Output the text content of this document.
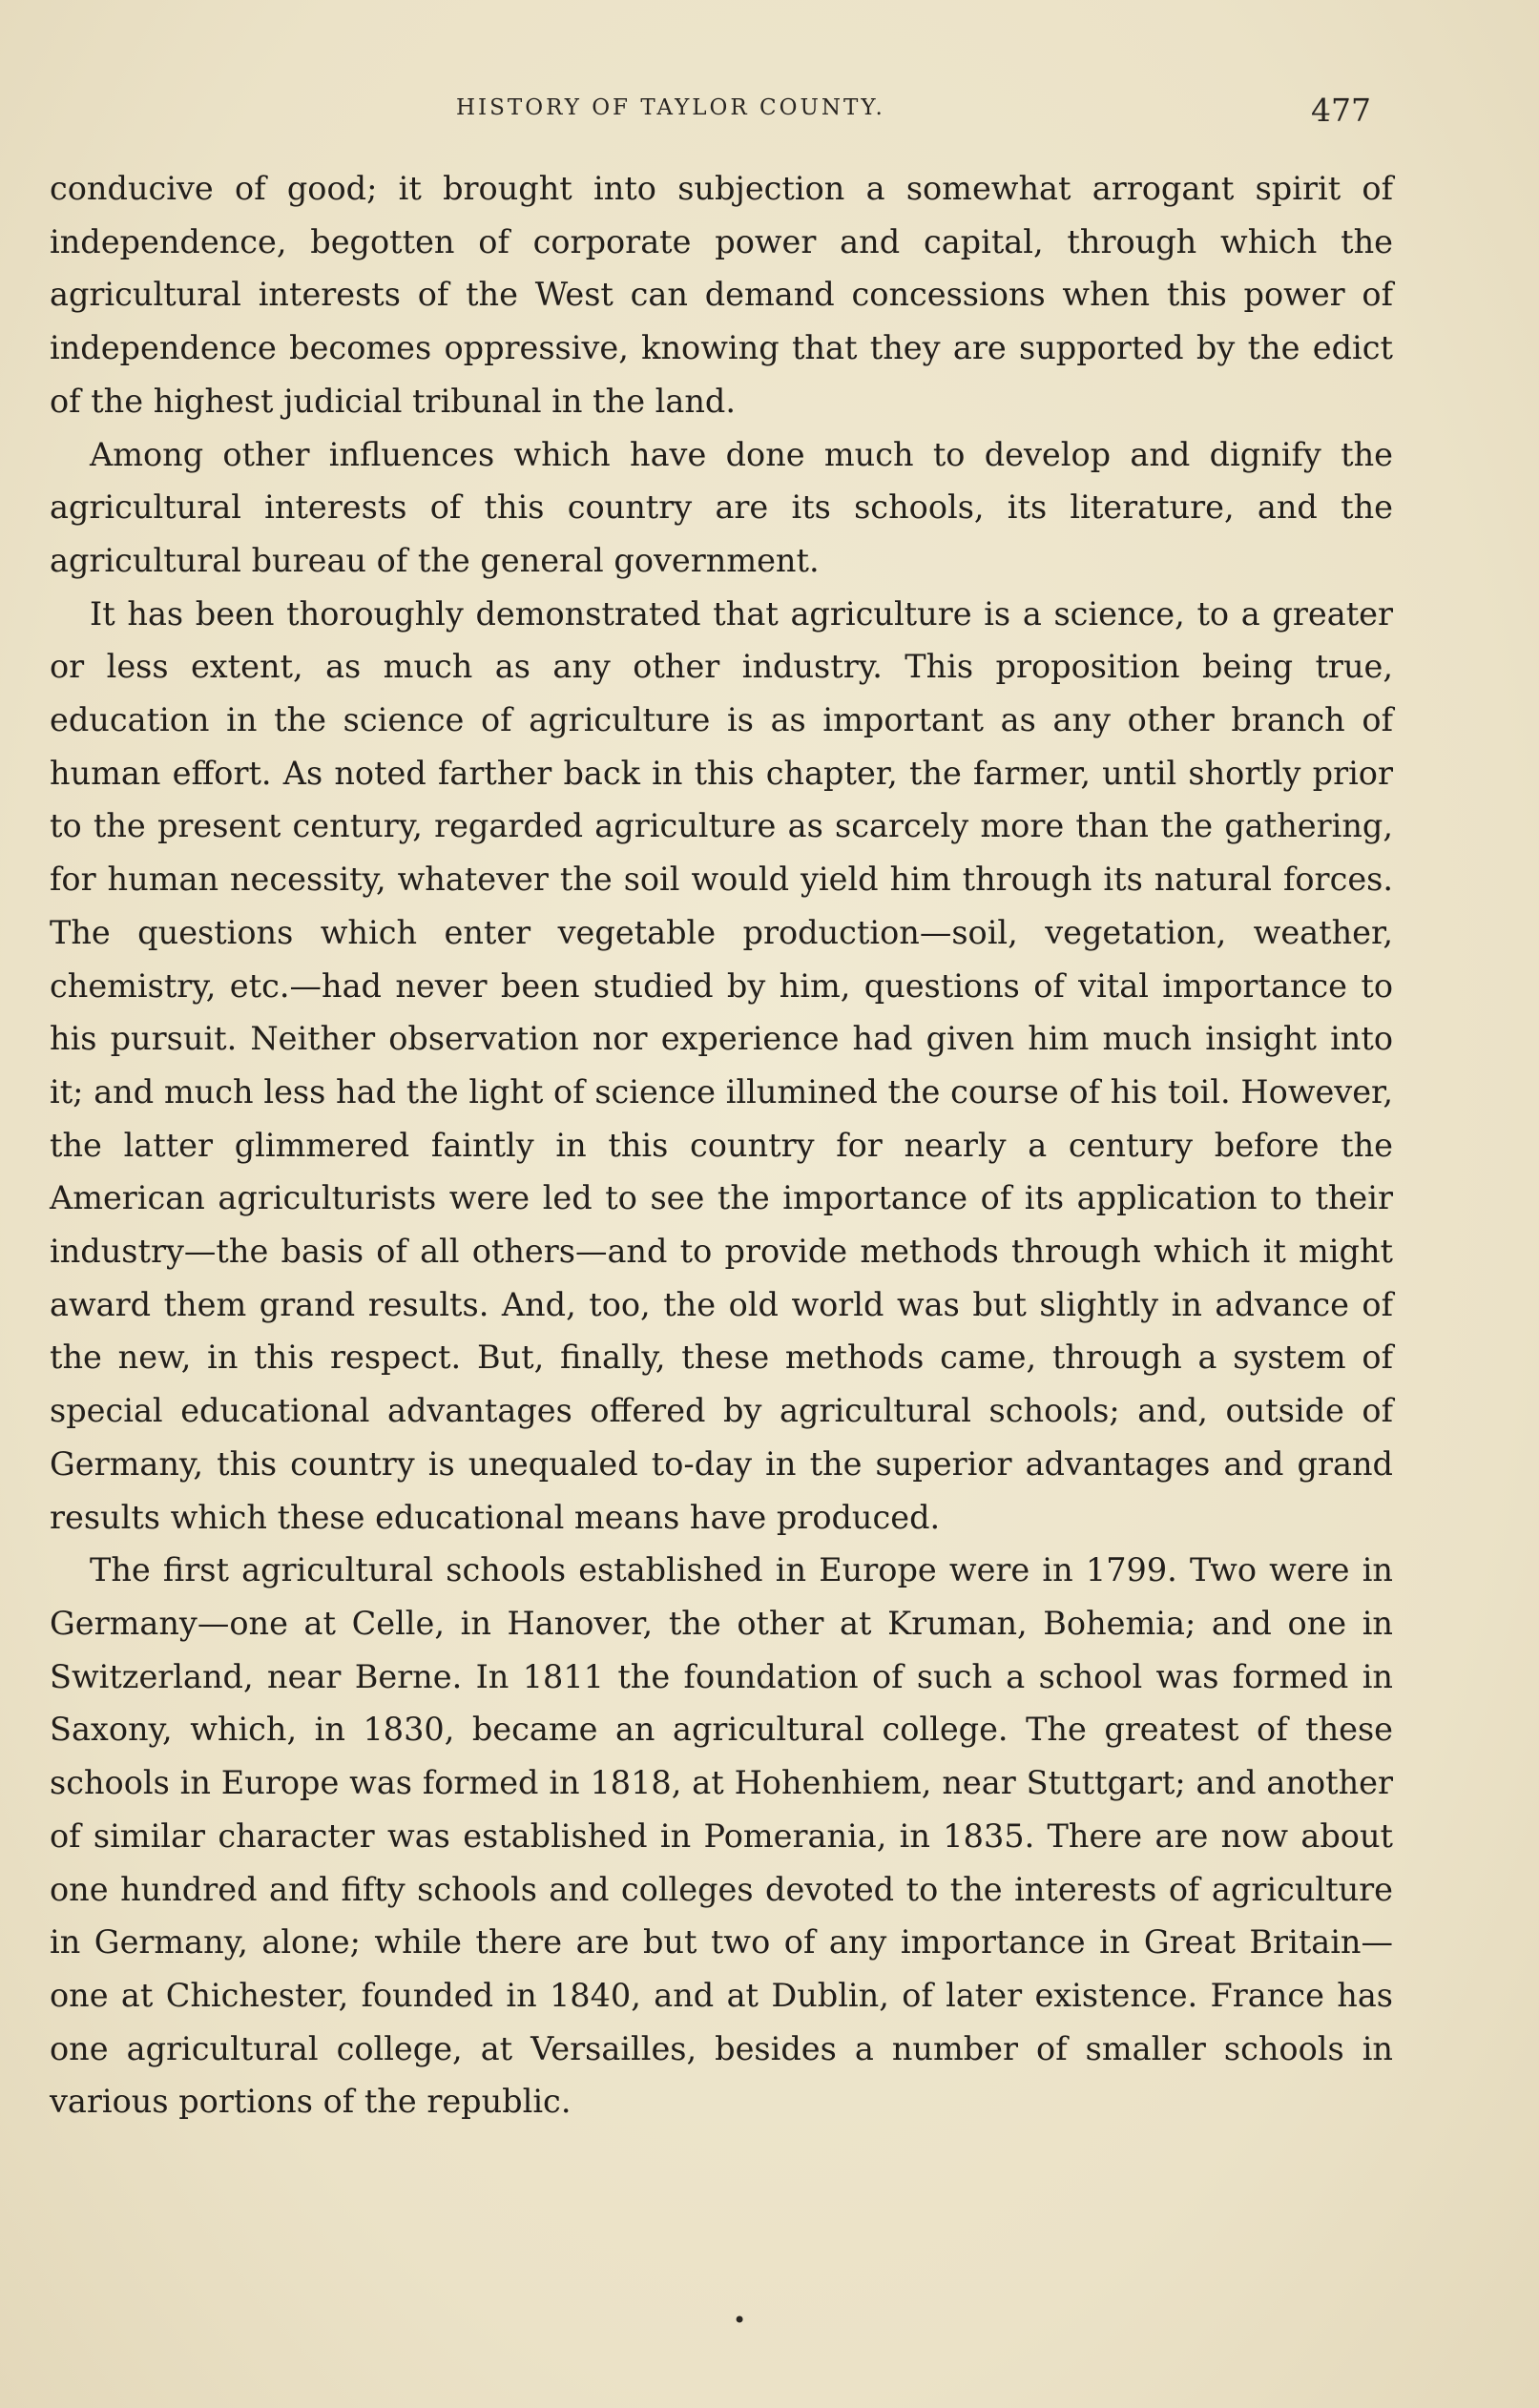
HISTORY OF TAYLOR COUNTY.	477

conducive of good; it brought into subjection a somewhat arrogant spirit of independence, begotten of corporate power and capital, through which the agricultural interests of the West can demand concessions when this power of independence becomes oppressive, knowing that they are supported by the edict of the highest judicial tribunal in the land.

Among other influences which have done much to develop and dignify the agricultural interests of this country are its schools, its literature, and the agricultural bureau of the general government.

It has been thoroughly demonstrated that agriculture is a science, to a greater or less extent, as much as any other industry. This proposition being true, education in the science of agriculture is as important as any other branch of human effort. As noted farther back in this chapter, the farmer, until shortly prior to the present century, regarded agriculture as scarcely more than the gathering, for human necessity, whatever the soil would yield him through its natural forces. The questions which enter vegetable production—soil, vegetation, weather, chemistry, etc.—had never been studied by him, questions of vital importance to his pursuit. Neither observation nor experience had given him much insight into it; and much less had the light of science illumined the course of his toil. However, the latter glimmered faintly in this country for nearly a century before the American agriculturists were led to see the importance of its application to their industry—the basis of all others—and to provide methods through which it might award them grand results. And, too, the old world was but slightly in advance of the new, in this respect. But, finally, these methods came, through a system of special educational advantages offered by agricultural schools; and, outside of Germany, this country is unequaled to-day in the superior advantages and grand results which these educational means have produced.

The first agricultural schools established in Europe were in 1799. Two were in Germany—one at Celle, in Hanover, the other at Kruman, Bohemia; and one in Switzerland, near Berne. In 1811 the foundation of such a school was formed in Saxony, which, in 1830, became an agricultural college. The greatest of these schools in Europe was formed in 1818, at Hohenhiem, near Stuttgart; and another of similar character was established in Pomerania, in 1835. There are now about one hundred and fifty schools and colleges devoted to the interests of agriculture in Germany, alone; while there are but two of any importance in Great Britain—one at Chichester, founded in 1840, and at Dublin, of later existence. France has one agricultural college, at Versailles, besides a number of smaller schools in various portions of the republic.

•
